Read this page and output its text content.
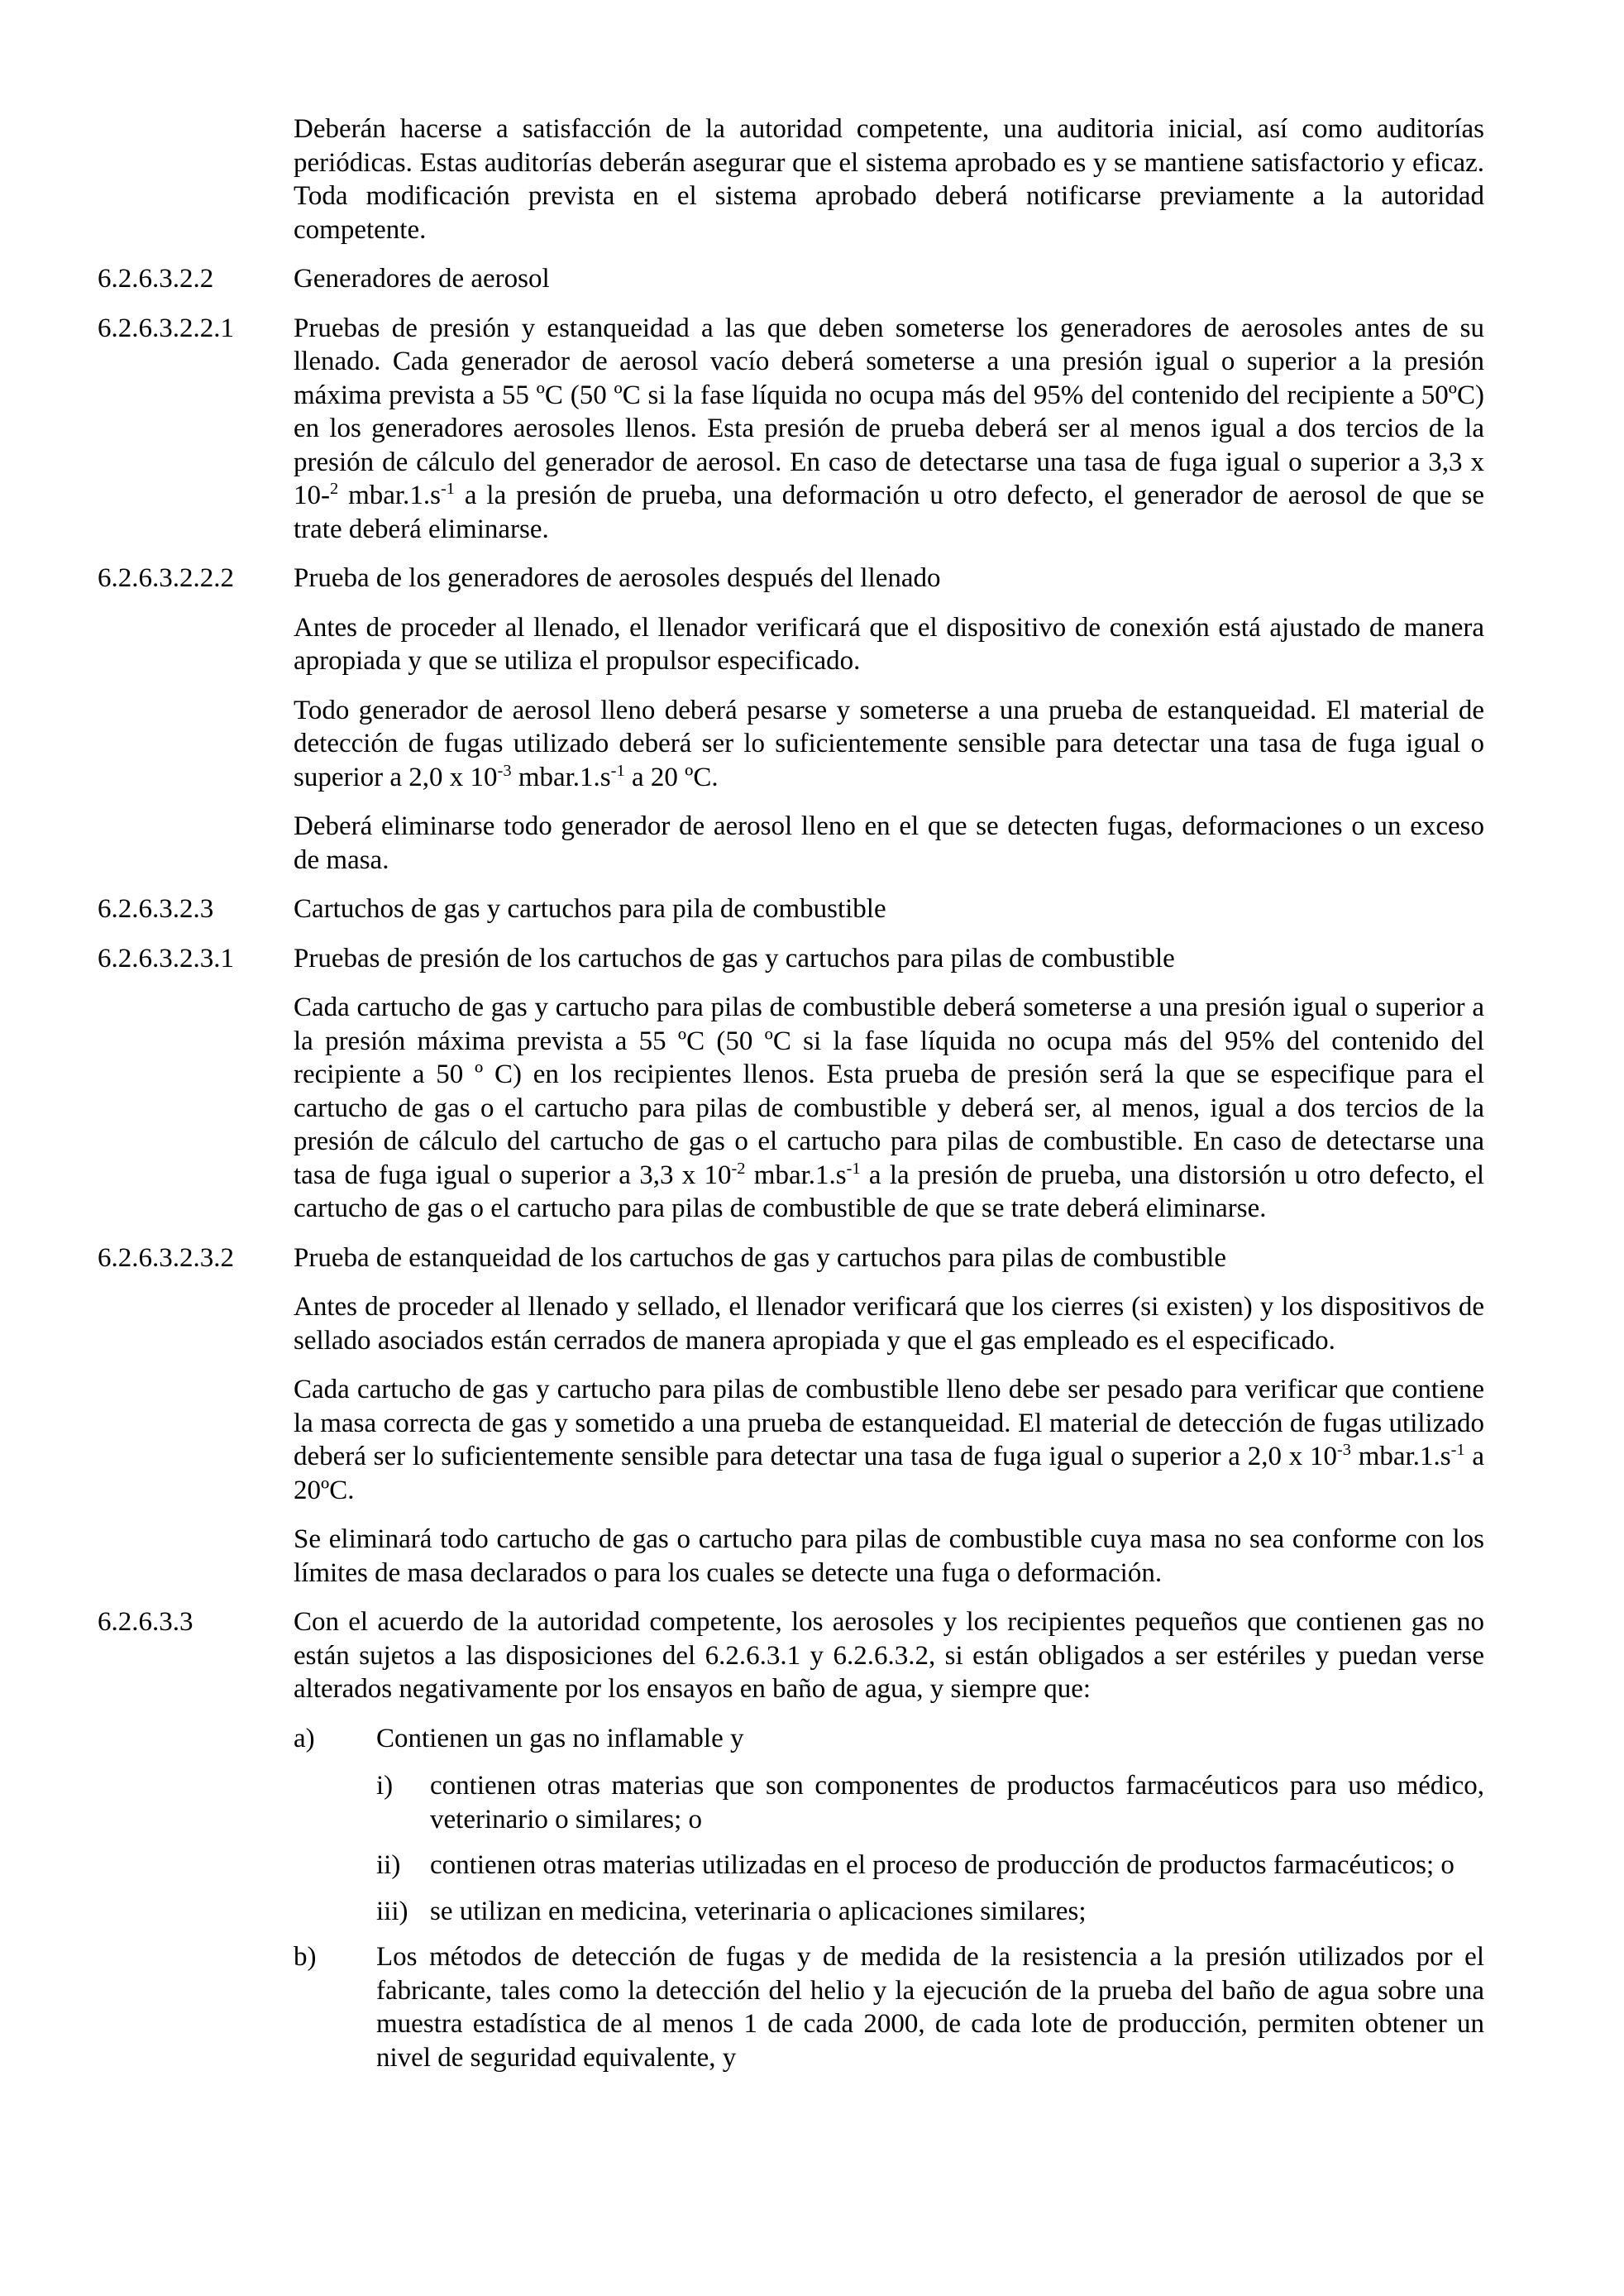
Deberán hacerse a satisfacción de la autoridad competente, una auditoria inicial, así como auditorías periódicas. Estas auditorías deberán asegurar que el sistema aprobado es y se mantiene satisfactorio y eficaz. Toda modificación prevista en el sistema aprobado deberá notificarse previamente a la autoridad competente.

6.2.6.3.2.2	Generadores de aerosol

6.2.6.3.2.2.1	Pruebas de presión y estanqueidad a las que deben someterse los generadores de aerosoles antes de su llenado. Cada generador de aerosol vacío deberá someterse a una presión igual o superior a la presión máxima prevista a 55 ºC (50 ºC si la fase líquida no ocupa más del 95% del contenido del recipiente a 50ºC) en los generadores aerosoles llenos. Esta presión de prueba deberá ser al menos igual a dos tercios de la presión de cálculo del generador de aerosol. En caso de detectarse una tasa de fuga igual o superior a 3,3 x 10-$^2$ $mbar.1.s^{-1}$ a la presión de prueba, una deformación u otro defecto, el generador de aerosol de que se trate deberá eliminarse.

6.2.6.3.2.2.2	Prueba de los generadores de aerosoles después del llenado

Antes de proceder al llenado, el llenador verificará que el dispositivo de conexión está ajustado de manera apropiada y que se utiliza el propulsor especificado.

Todo generador de aerosol lleno deberá pesarse y someterse a una prueba de estanqueidad. El material de detección de fugas utilizado deberá ser lo suficientemente sensible para detectar una tasa de fuga igual o superior a 2,0 x $10^{-3}$ $mbar.1.s^{-1}$ a 20 ºC.

Deberá eliminarse todo generador de aerosol lleno en el que se detecten fugas, deformaciones o un exceso de masa.

6.2.6.3.2.3	Cartuchos de gas y cartuchos para pila de combustible

6.2.6.3.2.3.1	Pruebas de presión de los cartuchos de gas y cartuchos para pilas de combustible

Cada cartucho de gas y cartucho para pilas de combustible deberá someterse a una presión igual o superior a la presión máxima prevista a 55 ºC (50 ºC si la fase líquida no ocupa más del 95% del contenido del recipiente a 50 º C) en los recipientes llenos. Esta prueba de presión será la que se especifique para el cartucho de gas o el cartucho para pilas de combustible y deberá ser, al menos, igual a dos tercios de la presión de cálculo del cartucho de gas o el cartucho para pilas de combustible. En caso de detectarse una tasa de fuga igual o superior a 3,3 x $10^{-2}$ $mbar.1.s^{-1}$ a la presión de prueba, una distorsión u otro defecto, el cartucho de gas o el cartucho para pilas de combustible de que se trate deberá eliminarse.

6.2.6.3.2.3.2	Prueba de estanqueidad de los cartuchos de gas y cartuchos para pilas de combustible

Antes de proceder al llenado y sellado, el llenador verificará que los cierres (si existen) y los dispositivos de sellado asociados están cerrados de manera apropiada y que el gas empleado es el especificado.

Cada cartucho de gas y cartucho para pilas de combustible lleno debe ser pesado para verificar que contiene la masa correcta de gas y sometido a una prueba de estanqueidad. El material de detección de fugas utilizado deberá ser lo suficientemente sensible para detectar una tasa de fuga igual o superior a 2,0 x $10^{-3}$ $mbar.1.s^{-1}$ a 20ºC.

Se eliminará todo cartucho de gas o cartucho para pilas de combustible cuya masa no sea conforme con los límites de masa declarados o para los cuales se detecte una fuga o deformación.

6.2.6.3.3	Con el acuerdo de la autoridad competente, los aerosoles y los recipientes pequeños que contienen gas no están sujetos a las disposiciones del 6.2.6.3.1 y 6.2.6.3.2, si están obligados a ser estériles y puedan verse alterados negativamente por los ensayos en baño de agua, y siempre que:

a)	Contienen un gas no inflamable y

i)	contienen otras materias que son componentes de productos farmacéuticos para uso médico, veterinario o similares; o

ii)	contienen otras materias utilizadas en el proceso de producción de productos farmacéuticos; o

iii) se utilizan en medicina, veterinaria o aplicaciones similares;

b)	Los métodos de detección de fugas y de medida de la resistencia a la presión utilizados por el fabricante, tales como la detección del helio y la ejecución de la prueba del baño de agua sobre una muestra estadística de al menos 1 de cada 2000, de cada lote de producción, permiten obtener un nivel de seguridad equivalente, y
